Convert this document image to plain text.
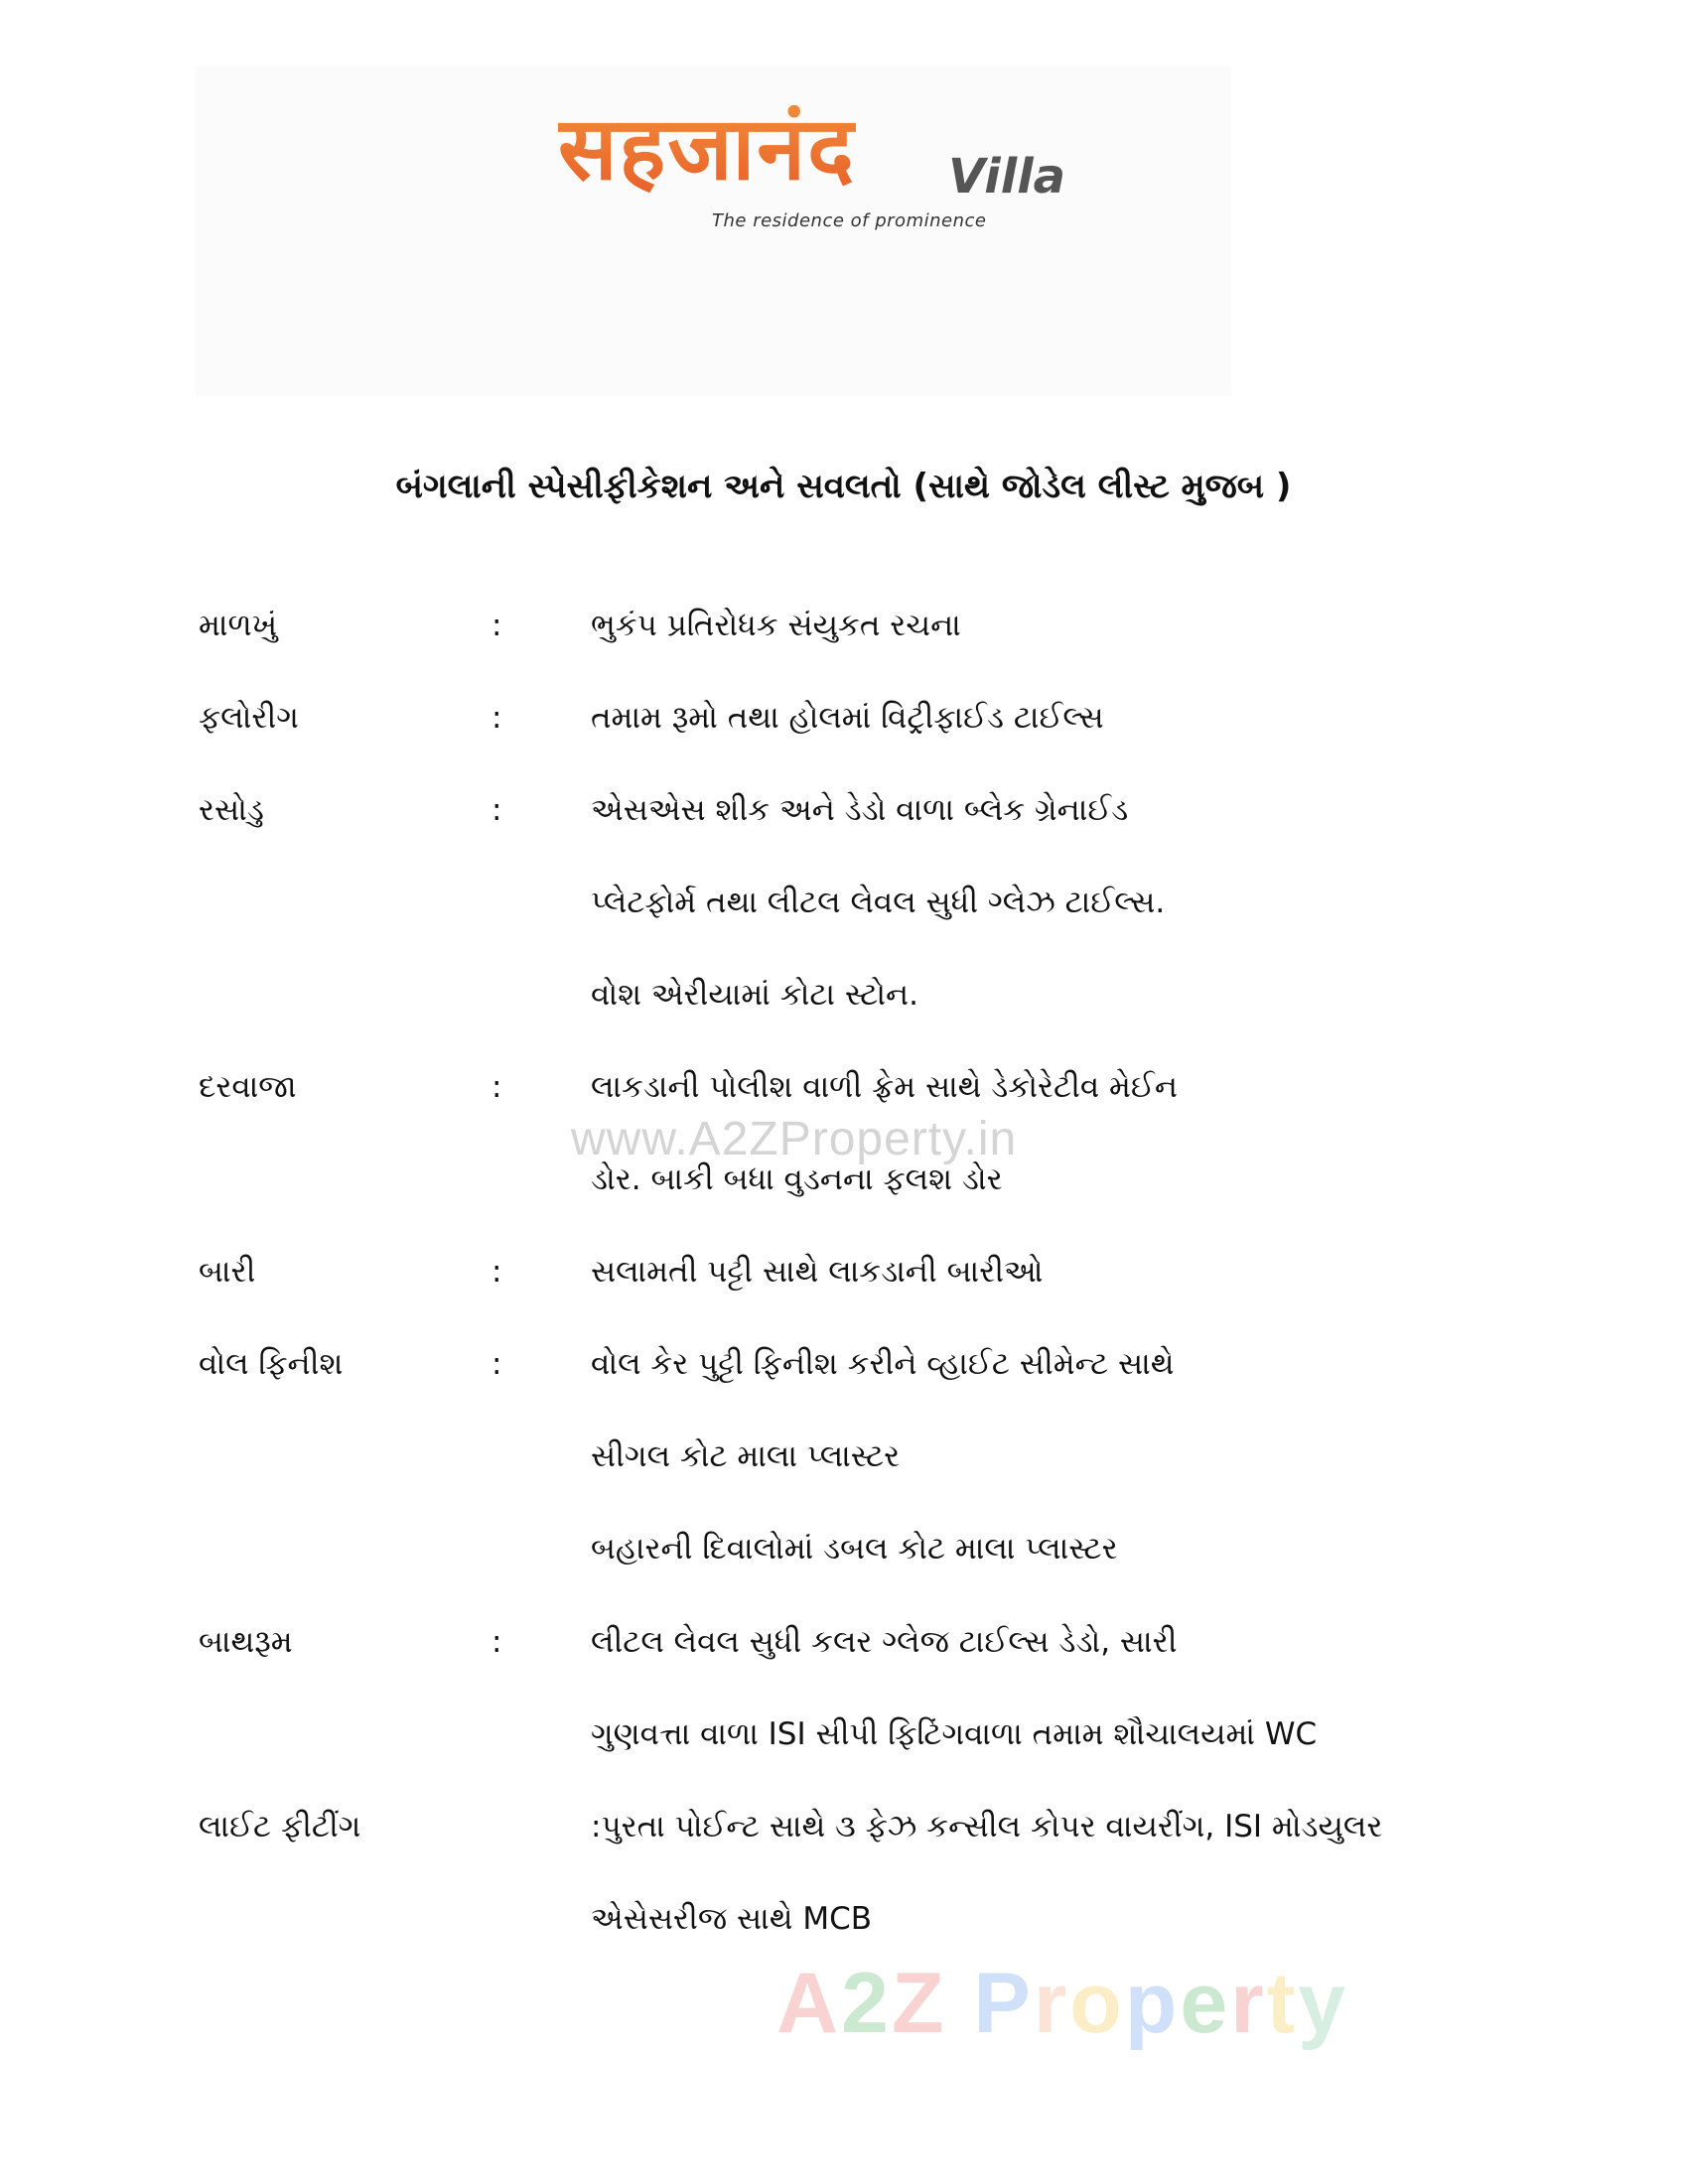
सहजानंद Villa
The residence of prominence
બંગલાની સ્પેસીફીકેશન અને સવલતો (સાથે જોડેલ લીસ્ટ મુજબ )
www.A2ZProperty.in
માળખું	:	ભુકંપ પ્રતિરોધક સંયુકત રચના
ફલોરીગ	:	તમામ રૂમો તથા હોલમાં વિટ્રીફાઈડ ટાઈલ્સ
રસોડુ	:	એસએસ શીક અને ડેડો વાળા બ્લેક ગ્રેનાઈડ
પ્લેટફોર્મ તથા લીટલ લેવલ સુધી ગ્લેઝ ટાઈલ્સ.
વોશ એરીયામાં કોટા સ્ટોન.
દરવાજા	:	લાકડાની પોલીશ વાળી ફ્રેમ સાથે ડેકોરેટીવ મેઈન
ડોર. બાકી બધા વુડનના ફલશ ડોર
બારી	:	સલામતી પટ્ટી સાથે લાકડાની બારીઓ
વોલ ફિનીશ	:	વોલ કેર પુટ્ટી ફિનીશ કરીને વ્હાઈટ સીમેન્ટ સાથે
સીગલ કોટ માલા પ્લાસ્ટર
બહારની દિવાલોમાં ડબલ કોટ માલા પ્લાસ્ટર
બાથરૂમ	:	લીટલ લેવલ સુધી કલર ગ્લેજ ટાઈલ્સ ડેડો, સારી
ગુણવત્તા વાળા ISI સીપી ફિટિંગવાળા તમામ શૌચાલયમાં WC
લાઈટ ફીટીંગ	:પુરતા પોઈન્ટ સાથે ૩ ફેઝ કન્સીલ કોપર વાયરીંગ, ISI મોડયુલર
એસેસરીજ સાથે MCB
A2Z Property
